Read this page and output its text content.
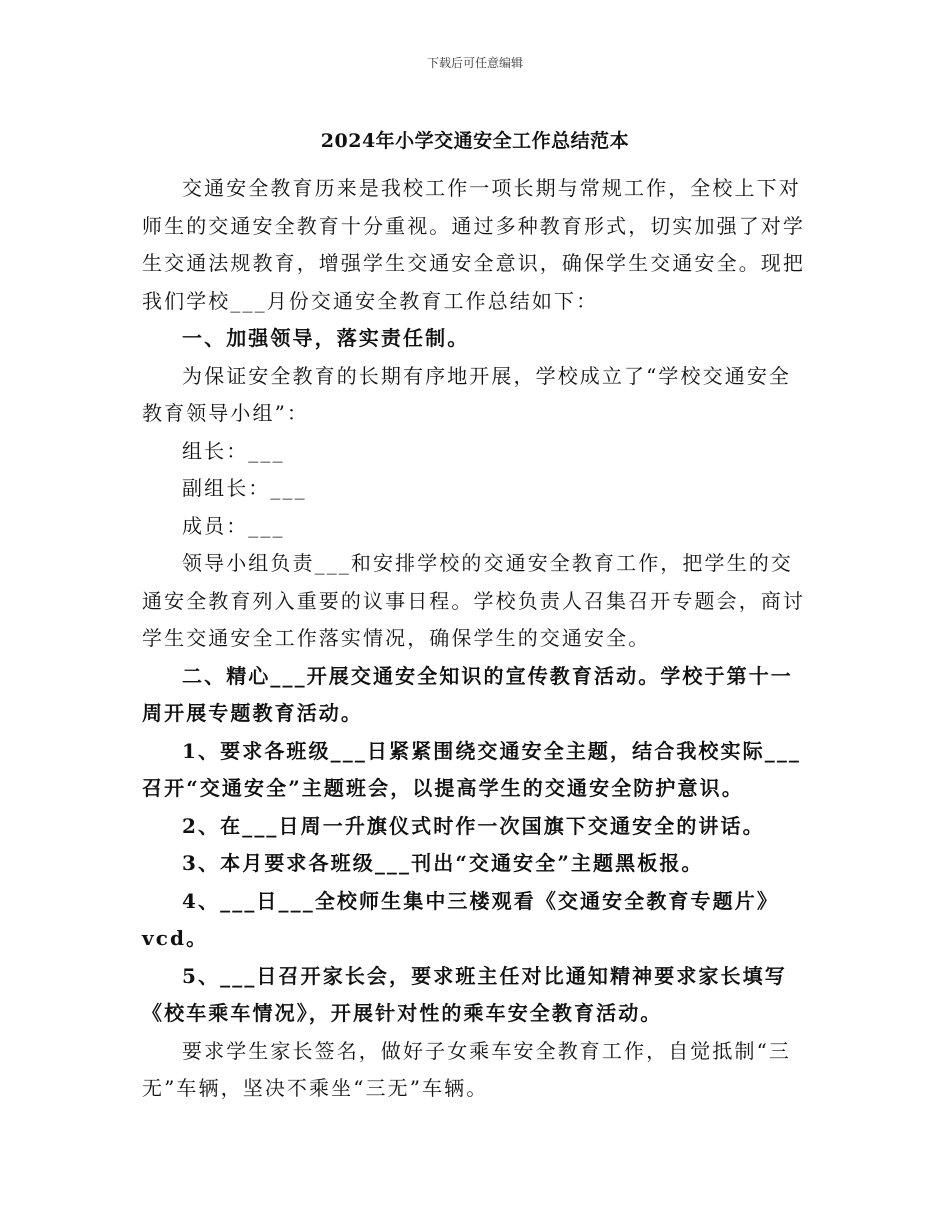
下载后可任意编辑
2024年小学交通安全工作总结范本

交通安全教育历来是我校工作一项长期与常规工作，全校上下对师生的交通安全教育十分重视。通过多种教育形式，切实加强了对学生交通法规教育，增强学生交通安全意识，确保学生交通安全。现把我们学校___月份交通安全教育工作总结如下：

一、加强领导，落实责任制。

为保证安全教育的长期有序地开展，学校成立了“学校交通安全教育领导小组”：

组长：___

副组长：___

成员：___

领导小组负责___和安排学校的交通安全教育工作，把学生的交通安全教育列入重要的议事日程。学校负责人召集召开专题会，商讨学生交通安全工作落实情况，确保学生的交通安全。

二、精心___开展交通安全知识的宣传教育活动。学校于第十一周开展专题教育活动。

1、要求各班级___日紧紧围绕交通安全主题，结合我校实际___召开“交通安全”主题班会，以提高学生的交通安全防护意识。

2、在___日周一升旗仪式时作一次国旗下交通安全的讲话。

3、本月要求各班级___刊出“交通安全”主题黑板报。

4、___日___全校师生集中三楼观看《交通安全教育专题片》vcd。

5、___日召开家长会，要求班主任对比通知精神要求家长填写《校车乘车情况》，开展针对性的乘车安全教育活动。

要求学生家长签名，做好子女乘车安全教育工作，自觉抵制“三无”车辆，坚决不乘坐“三无”车辆。
